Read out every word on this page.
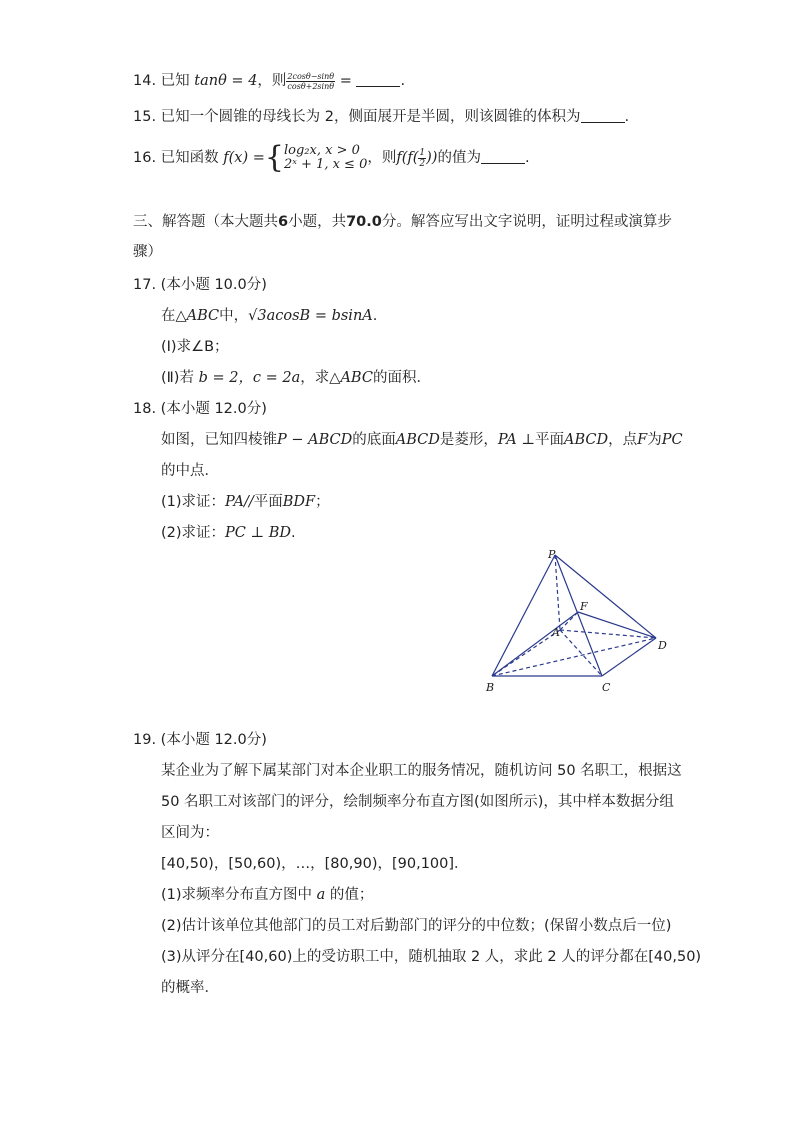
14. 已知 tanθ = 4，则 $\frac{2\cos\theta-\sin\theta}{\cos\theta+2\sin\theta}$ =	.
15. 已知一个圆锥的母线长为 2，侧面展开是半圆，则该圆锥的体积为	.
16. 已知函数 f(x) ={ log₂x, x > 0
2ˣ + 1, x ≤ 0 ，则$f(f( \frac{1}{2}$ ))的值为	.
三、解答题（本大题共6小题，共70.0分。解答应写出文字说明，证明过程或演算步
骤）
17. (本小题 10.0分)
在△ABC中，√3acosB = bsinA.
(Ⅰ)求∠B；
(Ⅱ)若 b = 2，c = 2a，求△ABC的面积．
18. (本小题 12.0分)
如图，已知四棱锥P − ABCD的底面ABCD是菱形，PA ⊥平面ABCD，点F为PC
的中点．
(1)求证：PA//平面BDF；
(2)求证：PC ⊥ BD.
P
F
A
D
B	C
19. (本小题 12.0分)
某企业为了解下属某部门对本企业职工的服务情况，随机访问 50 名职工，根据这
50 名职工对该部门的评分，绘制频率分布直方图(如图所示)，其中样本数据分组
区间为：
[40,50)，[50,60)，…，[80,90)，[90,100]．
(1)求频率分布直方图中 a 的值；
(2)估计该单位其他部门的员工对后勤部门的评分的中位数；(保留小数点后一位)
(3)从评分在[40,60)上的受访职工中，随机抽取 2 人，求此 2 人的评分都在[40,50)
的概率．
